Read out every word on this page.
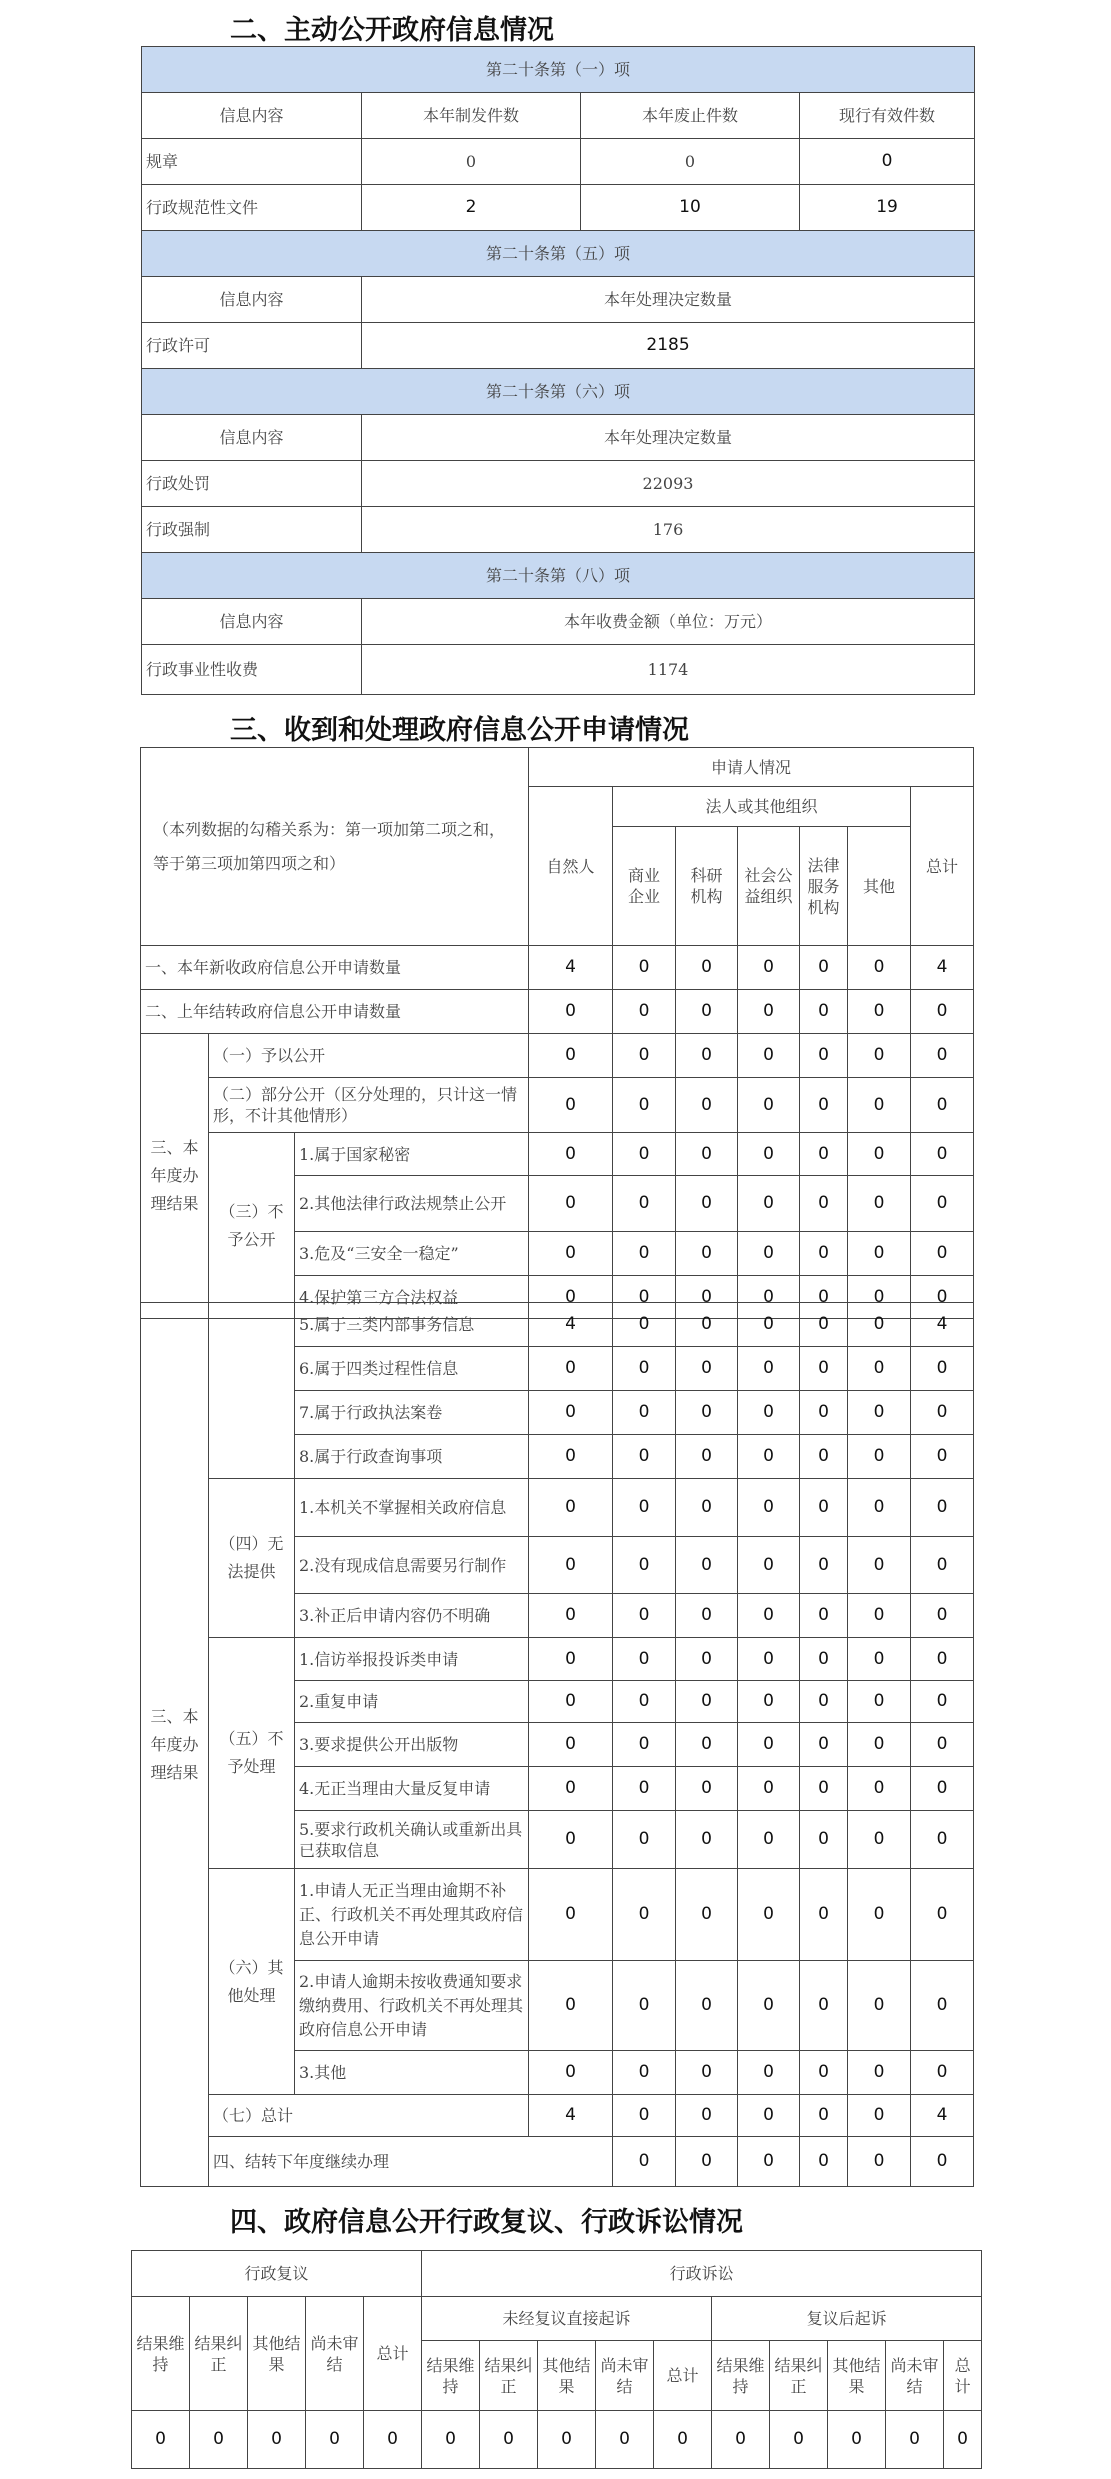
二、主动公开政府信息情况
第二十条第（一）项			
信息内容	本年制发件数	本年废止件数	现行有效件数
规章	0	0	0
行政规范性文件	2	10	19
第二十条第（五）项			
信息内容	本年处理决定数量		
行政许可	2185		
第二十条第（六）项			
信息内容	本年处理决定数量		
行政处罚	22093		
行政强制	176		
第二十条第（八）项			
信息内容	本年收费金额（单位：万元）		
行政事业性收费	1174		
三、收到和处理政府信息公开申请情况
（本列数据的勾稽关系为：第一项加第二项之和，等于第三项加第四项之和）			申请人情况						
			自然人	法人或其他组织					总计
				商业企业	科研机构	社会公益组织	法律服务机构	其他	
一、本年新收政府信息公开申请数量			4	0	0	0	0	0	4
二、上年结转政府信息公开申请数量			0	0	0	0	0	0	0
三、本年度办理结果	（一）予以公开		0	0	0	0	0	0	0
	（二）部分公开（区分处理的，只计这一情形，不计其他情形）		0	0	0	0	0	0	0
	（三）不予公开	1.属于国家秘密	0	0	0	0	0	0	0
		2.其他法律行政法规禁止公开	0	0	0	0	0	0	0
		3.危及“三安全一稳定”	0	0	0	0	0	0	0
		4.保护第三方合法权益	0	0	0	0	0	0	0
三、本年度办理结果		5.属于三类内部事务信息	4	0	0	0	0	0	4	
		6.属于四类过程性信息	0	0	0	0	0	0	0	
		7.属于行政执法案卷	0	0	0	0	0	0	0	
		8.属于行政查询事项	0	0	0	0	0	0	0	
	（四）无法提供	1.本机关不掌握相关政府信息	0	0	0	0	0	0	0	
		2.没有现成信息需要另行制作	0	0	0	0	0	0	0	
		3.补正后申请内容仍不明确	0	0	0	0	0	0	0	
	（五）不予处理	1.信访举报投诉类申请	0	0	0	0	0	0	0	
		2.重复申请	0	0	0	0	0	0	0	
		3.要求提供公开出版物	0	0	0	0	0	0	0	
		4.无正当理由大量反复申请	0	0	0	0	0	0	0	
		5.要求行政机关确认或重新出具已获取信息	0	0	0	0	0	0	0	
	（六）其他处理	1.申请人无正当理由逾期不补正、行政机关不再处理其政府信息公开申请	0	0	0	0	0	0	0	
		2.申请人逾期未按收费通知要求缴纳费用、行政机关不再处理其政府信息公开申请	0	0	0	0	0	0	0	
		3.其他	0	0	0	0	0	0	0	
	（七）总计		4	0	0	0	0	0	4	
	四、结转下年度继续办理			0	0	0	0	0	0	
四、政府信息公开行政复议、行政诉讼情况
行政复议					行政诉讼									
结果维持	结果纠正	其他结果	尚未审结	总计	未经复议直接起诉					复议后起诉				
					结果维持	结果纠正	其他结果	尚未审结	总计	结果维持	结果纠正	其他结果	尚未审结	总计
0	0	0	0	0	0	0	0	0	0	0	0	0	0	0
